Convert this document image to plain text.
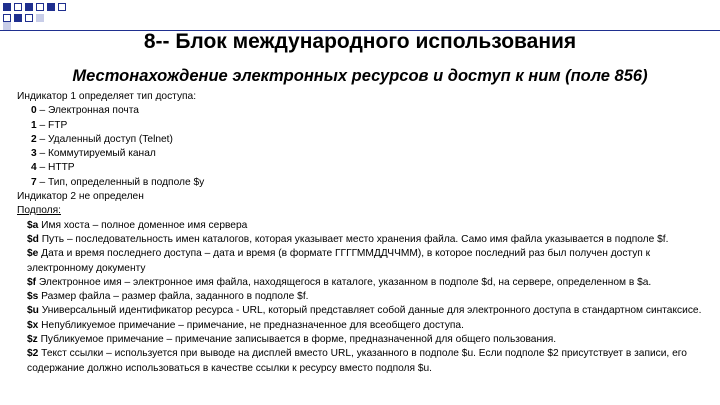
8-- Блок международного использования
Местонахождение электронных ресурсов и доступ к ним (поле 856)
Индикатор 1 определяет тип доступа:
0 – Электронная почта
1 – FTP
2 – Удаленный доступ (Telnet)
3 – Коммутируемый канал
4 – HTTP
7 – Тип, определенный в подполе $y
Индикатор 2 не определен
Подполя:
$a Имя хоста – полное доменное имя сервера
$d Путь – последовательность имен каталогов, которая указывает место хранения файла. Само имя файла указывается в подполе $f.
$e Дата и время последнего доступа – дата и время (в формате ГГГГММДДЧЧММ), в которое последний раз был получен доступ к электронному документу
$f Электронное имя – электронное имя файла, находящегося в каталоге, указанном в подполе $d, на сервере, определенном в $a.
$s Размер файла – размер файла, заданного в подполе $f.
$u Универсальный идентификатор ресурса - URL, который представляет собой данные для электронного доступа в стандартном синтаксисе.
$x Непубликуемое примечание – примечание, не предназначенное для всеобщего доступа.
$z Публикуемое примечание – примечание записывается в форме, предназначенной для общего пользования.
$2 Текст ссылки – используется при выводе на дисплей вместо URL, указанного в подполе $u. Если подполе $2 присутствует в записи, его содержание должно использоваться в качестве ссылки к ресурсу вместо подполя $u.
